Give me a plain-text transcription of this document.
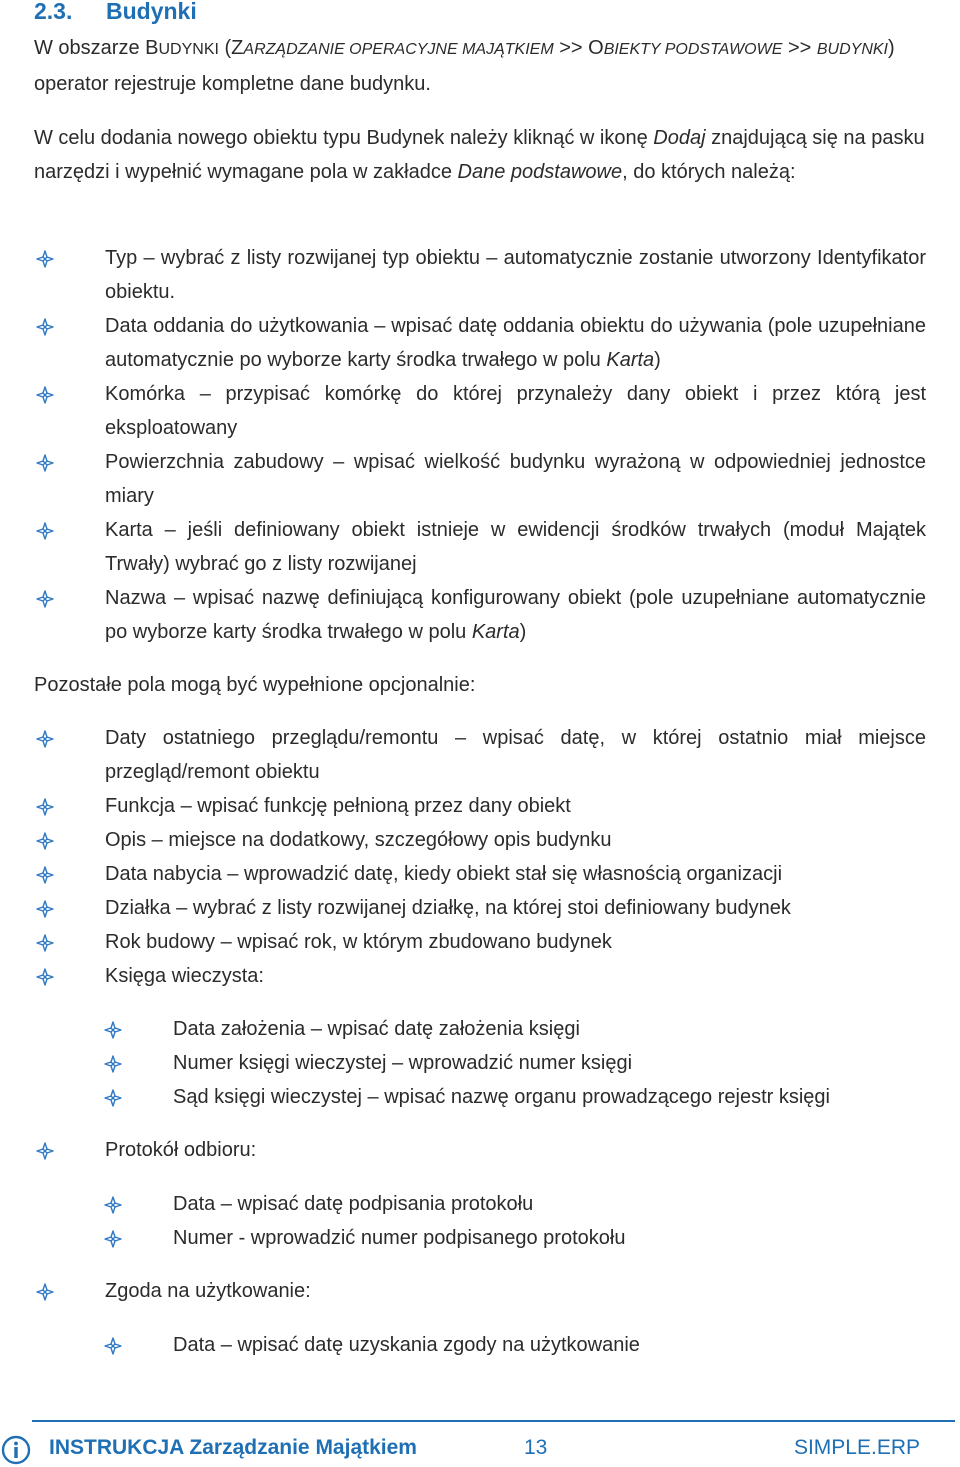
2.3. Budynki
W obszarze BUDYNKI (ZARZĄDZANIE OPERACYJNE MAJĄTKIEM >> OBIEKTY PODSTAWOWE >> BUDYNKI) operator rejestruje kompletne dane budynku.
W celu dodania nowego obiektu typu Budynek należy kliknąć w ikonę Dodaj znajdującą się na pasku narzędzi i wypełnić wymagane pola w zakładce Dane podstawowe, do których należą:
Typ – wybrać z listy rozwijanej typ obiektu – automatycznie zostanie utworzony Identyfikator obiektu.
Data oddania do użytkowania – wpisać datę oddania obiektu do używania (pole uzupełniane automatycznie po wyborze karty środka trwałego w polu Karta)
Komórka – przypisać komórkę do której przynależy dany obiekt i przez którą jest eksploatowany
Powierzchnia zabudowy – wpisać wielkość budynku wyrażoną w odpowiedniej jednostce miary
Karta – jeśli definiowany obiekt istnieje w ewidencji środków trwałych (moduł Majątek Trwały) wybrać go z listy rozwijanej
Nazwa – wpisać nazwę definiującą konfigurowany obiekt (pole uzupełniane automatycznie po wyborze karty środka trwałego w polu Karta)
Pozostałe pola mogą być wypełnione opcjonalnie:
Daty ostatniego przeglądu/remontu – wpisać datę, w której ostatnio miał miejsce przegląd/remont obiektu
Funkcja – wpisać funkcję pełnioną przez dany obiekt
Opis – miejsce na dodatkowy, szczegółowy opis budynku
Data nabycia – wprowadzić datę, kiedy obiekt stał się własnością organizacji
Działka – wybrać z listy rozwijanej działkę, na której stoi definiowany budynek
Rok budowy – wpisać rok, w którym zbudowano budynek
Księga wieczysta:
Data założenia – wpisać datę założenia księgi
Numer księgi wieczystej – wprowadzić numer księgi
Sąd księgi wieczystej – wpisać nazwę organu prowadzącego rejestr księgi
Protokół odbioru:
Data – wpisać datę podpisania protokołu
Numer - wprowadzić numer podpisanego protokołu
Zgoda na użytkowanie:
Data – wpisać datę uzyskania zgody na użytkowanie
INSTRUKCJA Zarządzanie Majątkiem	13	SIMPLE.ERP
